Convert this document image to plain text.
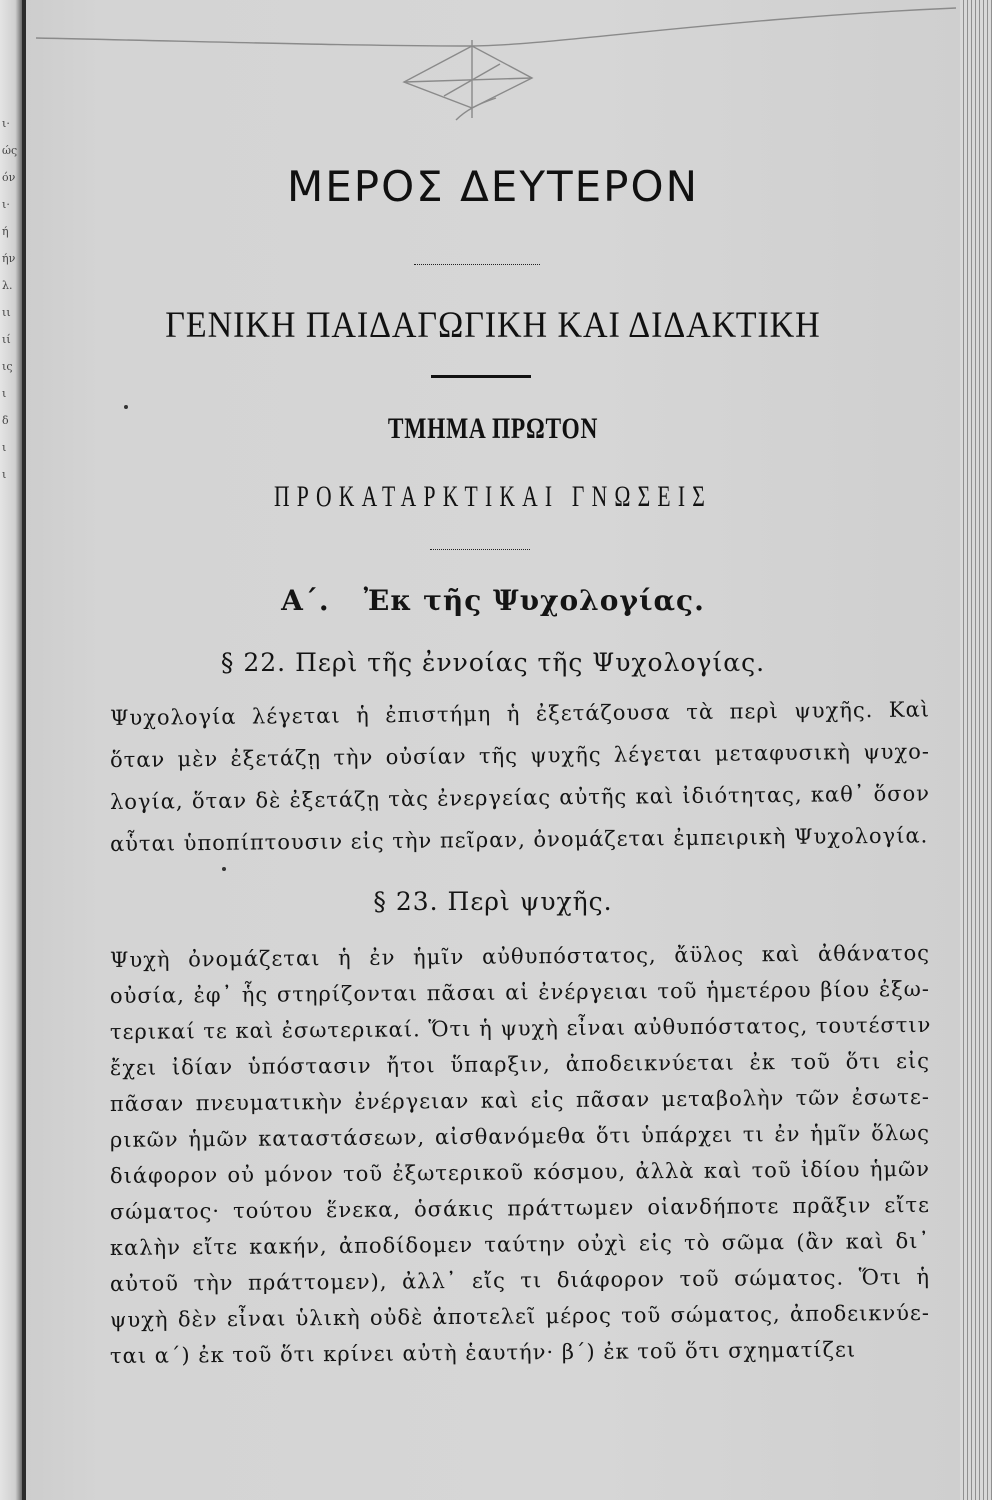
ι·
ώς
όν
ι·
ή
ήν
λ.
ιι
ιί
ις
ι
δ
ι
ι
ΜΕΡΟΣ ΔΕΥΤΕΡΟΝ
ΓΕΝΙΚΗ ΠΑΙΔΑΓΩΓΙΚΗ ΚΑΙ ΔΙΔΑΚΤΙΚΗ
ΤΜΗΜΑ ΠΡΩΤΟΝ
ΠΡΟΚΑΤΑΡΚΤΙΚΑΙ ΓΝΩΣΕΙΣ
Α΄. Ἐκ τῆς Ψυχολογίας.
§ 22. Περὶ τῆς ἐννοίας τῆς Ψυχολογίας.
Ψυχολογία λέγεται ἡ ἐπιστήμη ἡ ἐξετάζουσα τὰ περὶ ψυχῆς. Καὶ
ὅταν μὲν ἐξετάζῃ τὴν οὐσίαν τῆς ψυχῆς λέγεται μεταφυσικὴ ψυχο-
λογία, ὅταν δὲ ἐξετάζῃ τὰς ἐνεργείας αὐτῆς καὶ ἰδιότητας, καθ᾿ ὅσον
αὗται ὑποπίπτουσιν εἰς τὴν πεῖραν, ὀνομάζεται ἐμπειρικὴ Ψυχολογία.
§ 23. Περὶ ψυχῆς.
Ψυχὴ ὀνομάζεται ἡ ἐν ἡμῖν αὐθυπόστατος, ἄϋλος καὶ ἀθάνατος
οὐσία, ἐφ᾿ ἧς στηρίζονται πᾶσαι αἱ ἐνέργειαι τοῦ ἡμετέρου βίου ἐξω-
τερικαί τε καὶ ἐσωτερικαί. Ὅτι ἡ ψυχὴ εἶναι αὐθυπόστατος, τουτέστιν
ἔχει ἰδίαν ὑπόστασιν ἤτοι ὕπαρξιν, ἀποδεικνύεται ἐκ τοῦ ὅτι εἰς
πᾶσαν πνευματικὴν ἐνέργειαν καὶ εἰς πᾶσαν μεταβολὴν τῶν ἐσωτε-
ρικῶν ἡμῶν καταστάσεων, αἰσθανόμεθα ὅτι ὑπάρχει τι ἐν ἡμῖν ὅλως
διάφορον οὐ μόνον τοῦ ἐξωτερικοῦ κόσμου, ἀλλὰ καὶ τοῦ ἰδίου ἡμῶν
σώματος· τούτου ἕνεκα, ὁσάκις πράττωμεν οἱανδήποτε πρᾶξιν εἴτε
καλὴν εἴτε κακήν, ἀποδίδομεν ταύτην οὐχὶ εἰς τὸ σῶμα (ἂν καὶ δι᾿
αὐτοῦ τὴν πράττομεν), ἀλλ᾿ εἴς τι διάφορον τοῦ σώματος. Ὅτι ἡ
ψυχὴ δὲν εἶναι ὑλικὴ οὐδὲ ἀποτελεῖ μέρος τοῦ σώματος, ἀποδεικνύε-
ται α΄) ἐκ τοῦ ὅτι κρίνει αὐτὴ ἑαυτήν· β΄) ἐκ τοῦ ὅτι σχηματίζει
